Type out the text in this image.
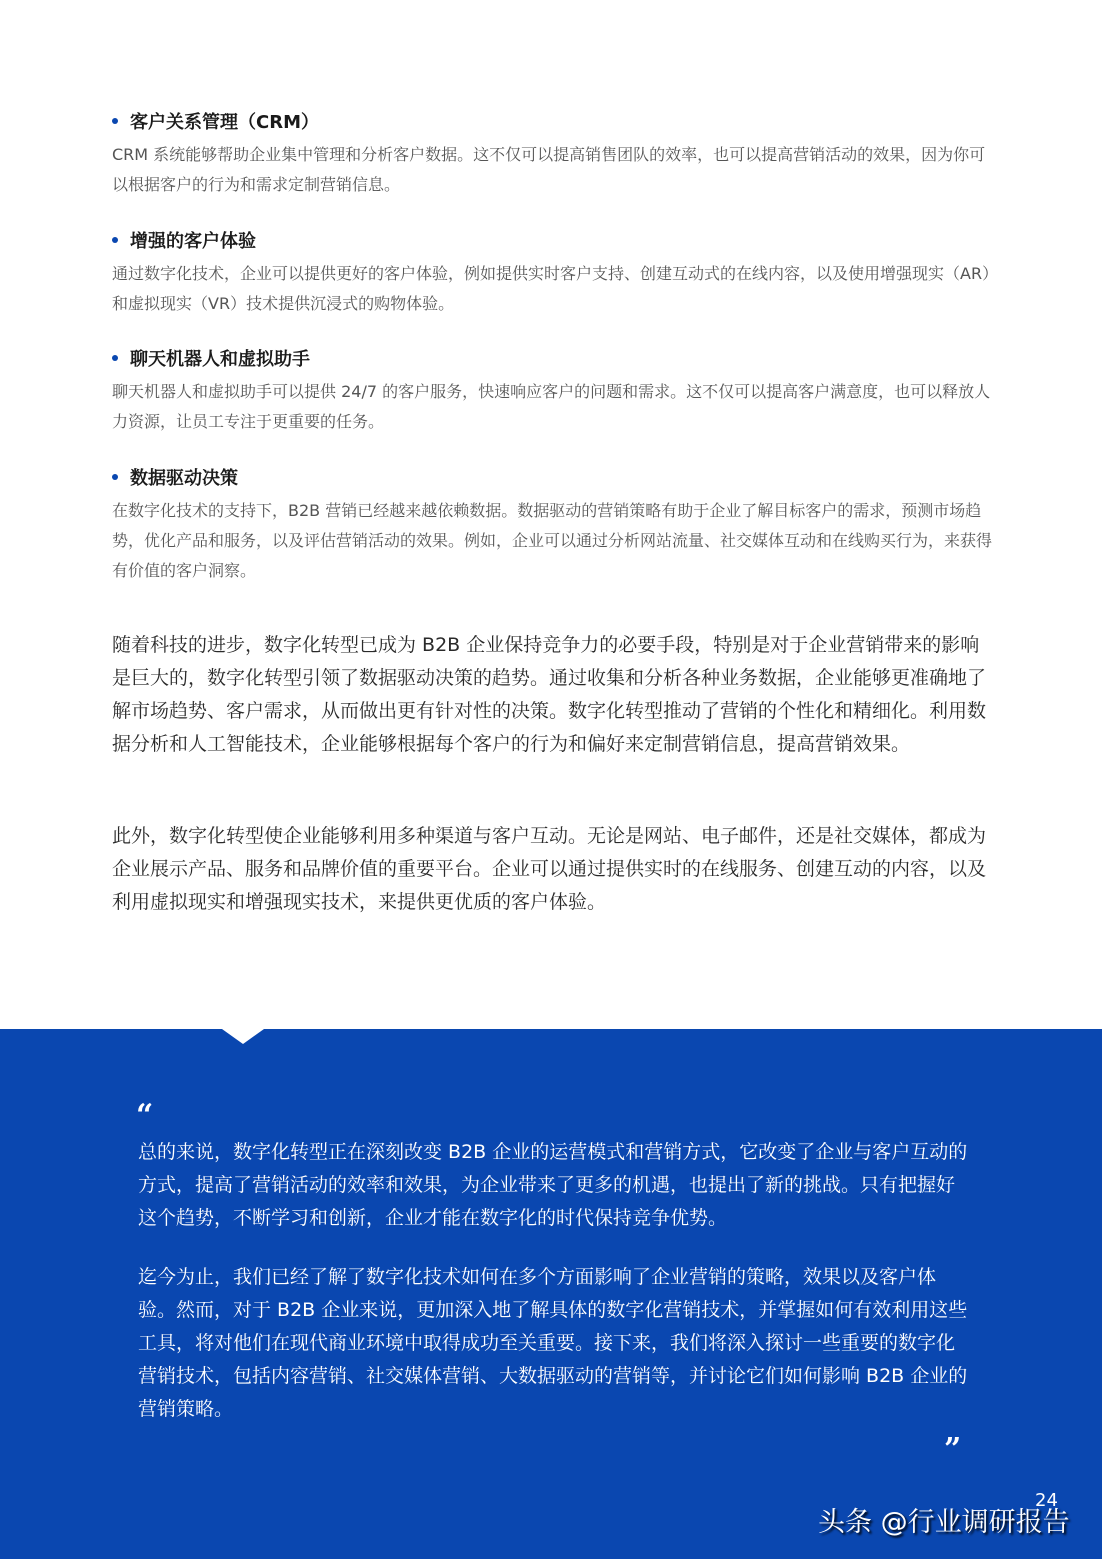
客户关系管理（CRM）

CRM 系统能够帮助企业集中管理和分析客户数据。这不仅可以提高销售团队的效率，也可以提高营销活动的效果，因为你可以根据客户的行为和需求定制营销信息。

增强的客户体验

通过数字化技术，企业可以提供更好的客户体验，例如提供实时客户支持、创建互动式的在线内容，以及使用增强现实（AR）和虚拟现实（VR）技术提供沉浸式的购物体验。

聊天机器人和虚拟助手

聊天机器人和虚拟助手可以提供 24/7 的客户服务，快速响应客户的问题和需求。这不仅可以提高客户满意度，也可以释放人力资源，让员工专注于更重要的任务。

数据驱动决策

在数字化技术的支持下，B2B 营销已经越来越依赖数据。数据驱动的营销策略有助于企业了解目标客户的需求，预测市场趋势，优化产品和服务，以及评估营销活动的效果。例如，企业可以通过分析网站流量、社交媒体互动和在线购买行为，来获得有价值的客户洞察。

随着科技的进步，数字化转型已成为 B2B 企业保持竞争力的必要手段，特别是对于企业营销带来的影响是巨大的，数字化转型引领了数据驱动决策的趋势。通过收集和分析各种业务数据，企业能够更准确地了解市场趋势、客户需求，从而做出更有针对性的决策。数字化转型推动了营销的个性化和精细化。利用数据分析和人工智能技术，企业能够根据每个客户的行为和偏好来定制营销信息，提高营销效果。

此外，数字化转型使企业能够利用多种渠道与客户互动。无论是网站、电子邮件，还是社交媒体，都成为企业展示产品、服务和品牌价值的重要平台。企业可以通过提供实时的在线服务、创建互动的内容，以及利用虚拟现实和增强现实技术，来提供更优质的客户体验。

“

总的来说，数字化转型正在深刻改变 B2B 企业的运营模式和营销方式，它改变了企业与客户互动的方式，提高了营销活动的效率和效果，为企业带来了更多的机遇，也提出了新的挑战。只有把握好这个趋势，不断学习和创新，企业才能在数字化的时代保持竞争优势。

迄今为止，我们已经了解了数字化技术如何在多个方面影响了企业营销的策略，效果以及客户体验。然而，对于 B2B 企业来说，更加深入地了解具体的数字化营销技术，并掌握如何有效利用这些工具，将对他们在现代商业环境中取得成功至关重要。接下来，我们将深入探讨一些重要的数字化营销技术，包括内容营销、社交媒体营销、大数据驱动的营销等，并讨论它们如何影响 B2B 企业的营销策略。

”
24
头条 @行业调研报告
